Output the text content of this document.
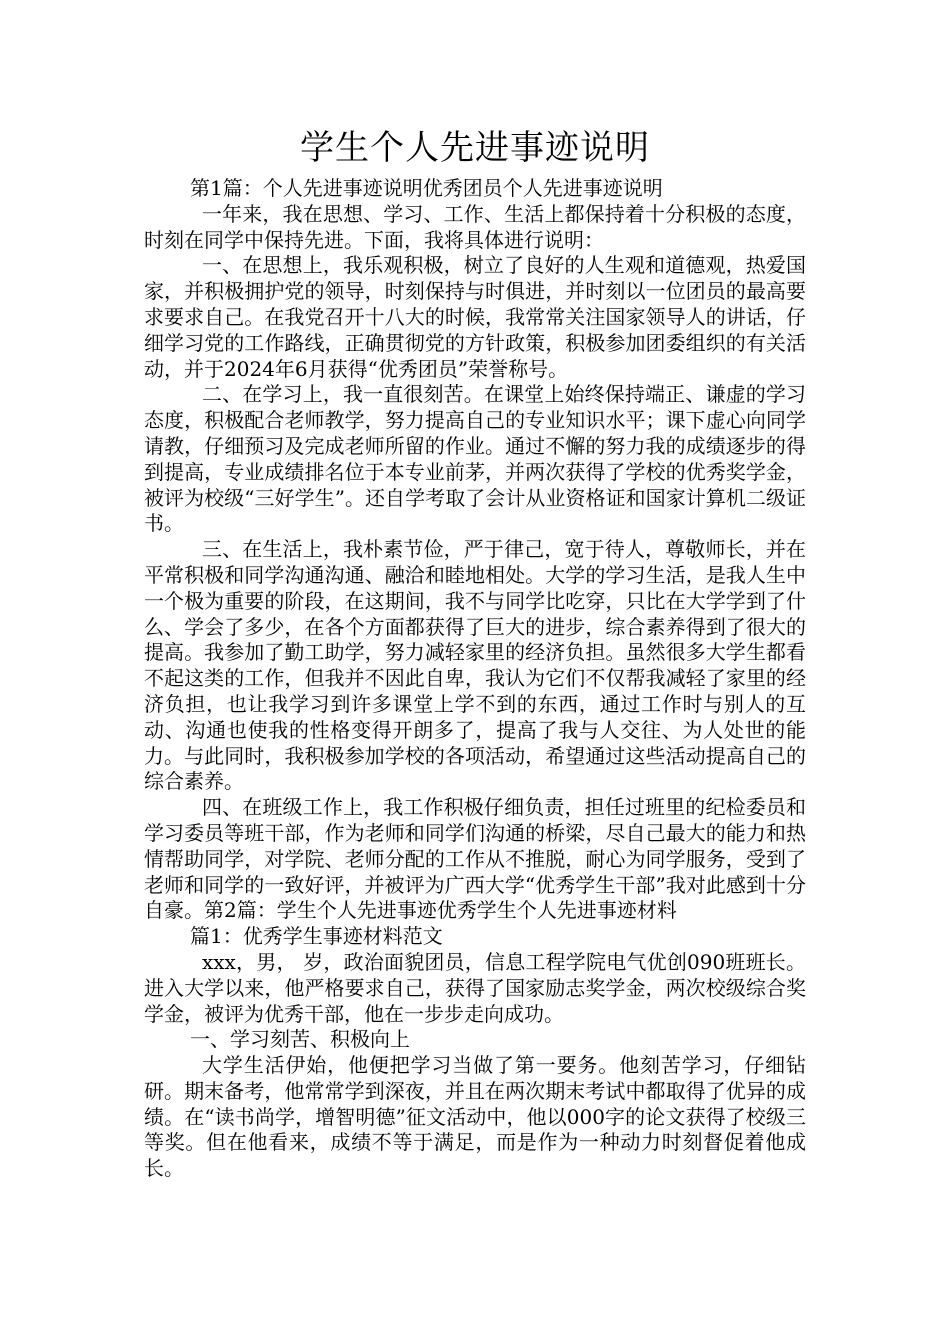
学生个人先进事迹说明

第1篇：个人先进事迹说明优秀团员个人先进事迹说明

一年来，我在思想、学习、工作、生活上都保持着十分积极的态度，时刻在同学中保持先进。下面，我将具体进行说明：

一、在思想上，我乐观积极，树立了良好的人生观和道德观，热爱国家，并积极拥护党的领导，时刻保持与时俱进，并时刻以一位团员的最高要求要求自己。在我党召开十八大的时候，我常常关注国家领导人的讲话，仔细学习党的工作路线，正确贯彻党的方针政策，积极参加团委组织的有关活动，并于2024年6月获得“优秀团员”荣誉称号。

二、在学习上，我一直很刻苦。在课堂上始终保持端正、谦虚的学习态度，积极配合老师教学，努力提高自己的专业知识水平；课下虚心向同学请教，仔细预习及完成老师所留的作业。通过不懈的努力我的成绩逐步的得到提高，专业成绩排名位于本专业前茅，并两次获得了学校的优秀奖学金，被评为校级“三好学生”。还自学考取了会计从业资格证和国家计算机二级证书。

三、在生活上，我朴素节俭，严于律己，宽于待人，尊敬师长，并在平常积极和同学沟通沟通、融洽和睦地相处。大学的学习生活，是我人生中一个极为重要的阶段，在这期间，我不与同学比吃穿，只比在大学学到了什么、学会了多少，在各个方面都获得了巨大的进步，综合素养得到了很大的提高。我参加了勤工助学，努力减轻家里的经济负担。虽然很多大学生都看不起这类的工作，但我并不因此自卑，我认为它们不仅帮我减轻了家里的经济负担，也让我学习到许多课堂上学不到的东西，通过工作时与别人的互动、沟通也使我的性格变得开朗多了，提高了我与人交往、为人处世的能力。与此同时，我积极参加学校的各项活动，希望通过这些活动提高自己的综合素养。

四、在班级工作上，我工作积极仔细负责，担任过班里的纪检委员和学习委员等班干部，作为老师和同学们沟通的桥梁，尽自己最大的能力和热情帮助同学，对学院、老师分配的工作从不推脱，耐心为同学服务，受到了老师和同学的一致好评，并被评为广西大学“优秀学生干部”我对此感到十分自豪。第2篇：学生个人先进事迹优秀学生个人先进事迹材料

篇1：优秀学生事迹材料范文

xxx，男， 岁，政治面貌团员，信息工程学院电气优创090班班长。进入大学以来，他严格要求自己，获得了国家励志奖学金，两次校级综合奖学金，被评为优秀干部，他在一步步走向成功。

一、学习刻苦、积极向上

大学生活伊始，他便把学习当做了第一要务。他刻苦学习，仔细钻研。期末备考，他常常学到深夜，并且在两次期末考试中都取得了优异的成绩。在“读书尚学，增智明德”征文活动中，他以000字的论文获得了校级三等奖。但在他看来，成绩不等于满足，而是作为一种动力时刻督促着他成长。
